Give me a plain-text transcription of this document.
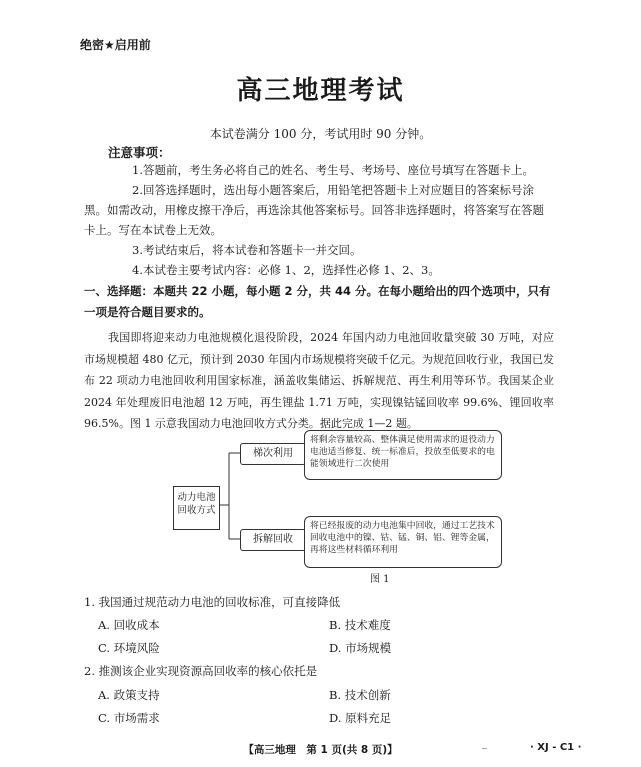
绝密★启用前
高三地理考试
本试卷满分 100 分，考试用时 90 分钟。
注意事项：
1.答题前，考生务必将自己的姓名、考生号、考场号、座位号填写在答题卡上。
2.回答选择题时，选出每小题答案后，用铅笔把答题卡上对应题目的答案标号涂黑。如需改动，用橡皮擦干净后，再选涂其他答案标号。回答非选择题时，将答案写在答题卡上。写在本试卷上无效。
3.考试结束后，将本试卷和答题卡一并交回。
4.本试卷主要考试内容：必修 1、2，选择性必修 1、2、3。
一、选择题：本题共 22 小题，每小题 2 分，共 44 分。在每小题给出的四个选项中，只有一项是符合题目要求的。
我国即将迎来动力电池规模化退役阶段，2024 年国内动力电池回收量突破 30 万吨，对应市场规模超 480 亿元，预计到 2030 年国内市场规模将突破千亿元。为规范回收行业，我国已发布 22 项动力电池回收利用国家标准，涵盖收集储运、拆解规范、再生利用等环节。我国某企业 2024 年处理废旧电池超 12 万吨，再生锂盐 1.71 万吨，实现镍钴锰回收率 99.6%、锂回收率 96.5%。图 1 示意我国动力电池回收方式分类。据此完成 1—2 题。
动力电池回收方式
梯次利用
将剩余容量较高、整体满足使用需求的退役动力电池适当修复、统一标准后，投放至低要求的电能领域进行二次使用
拆解回收
将已经报废的动力电池集中回收，通过工艺技术回收电池中的镍、钴、锰、铜、铝、锂等金属，再将这些材料循环利用
图 1
1. 我国通过规范动力电池的回收标准，可直接降低
A. 回收成本	B. 技术难度
C. 环境风险	D. 市场规模
2. 推测该企业实现资源高回收率的核心依托是
A. 政策支持	B. 技术创新
C. 市场需求	D. 原料充足
【高三地理　第 1 页(共 8 页)】
_	· XJ - C1 ·
